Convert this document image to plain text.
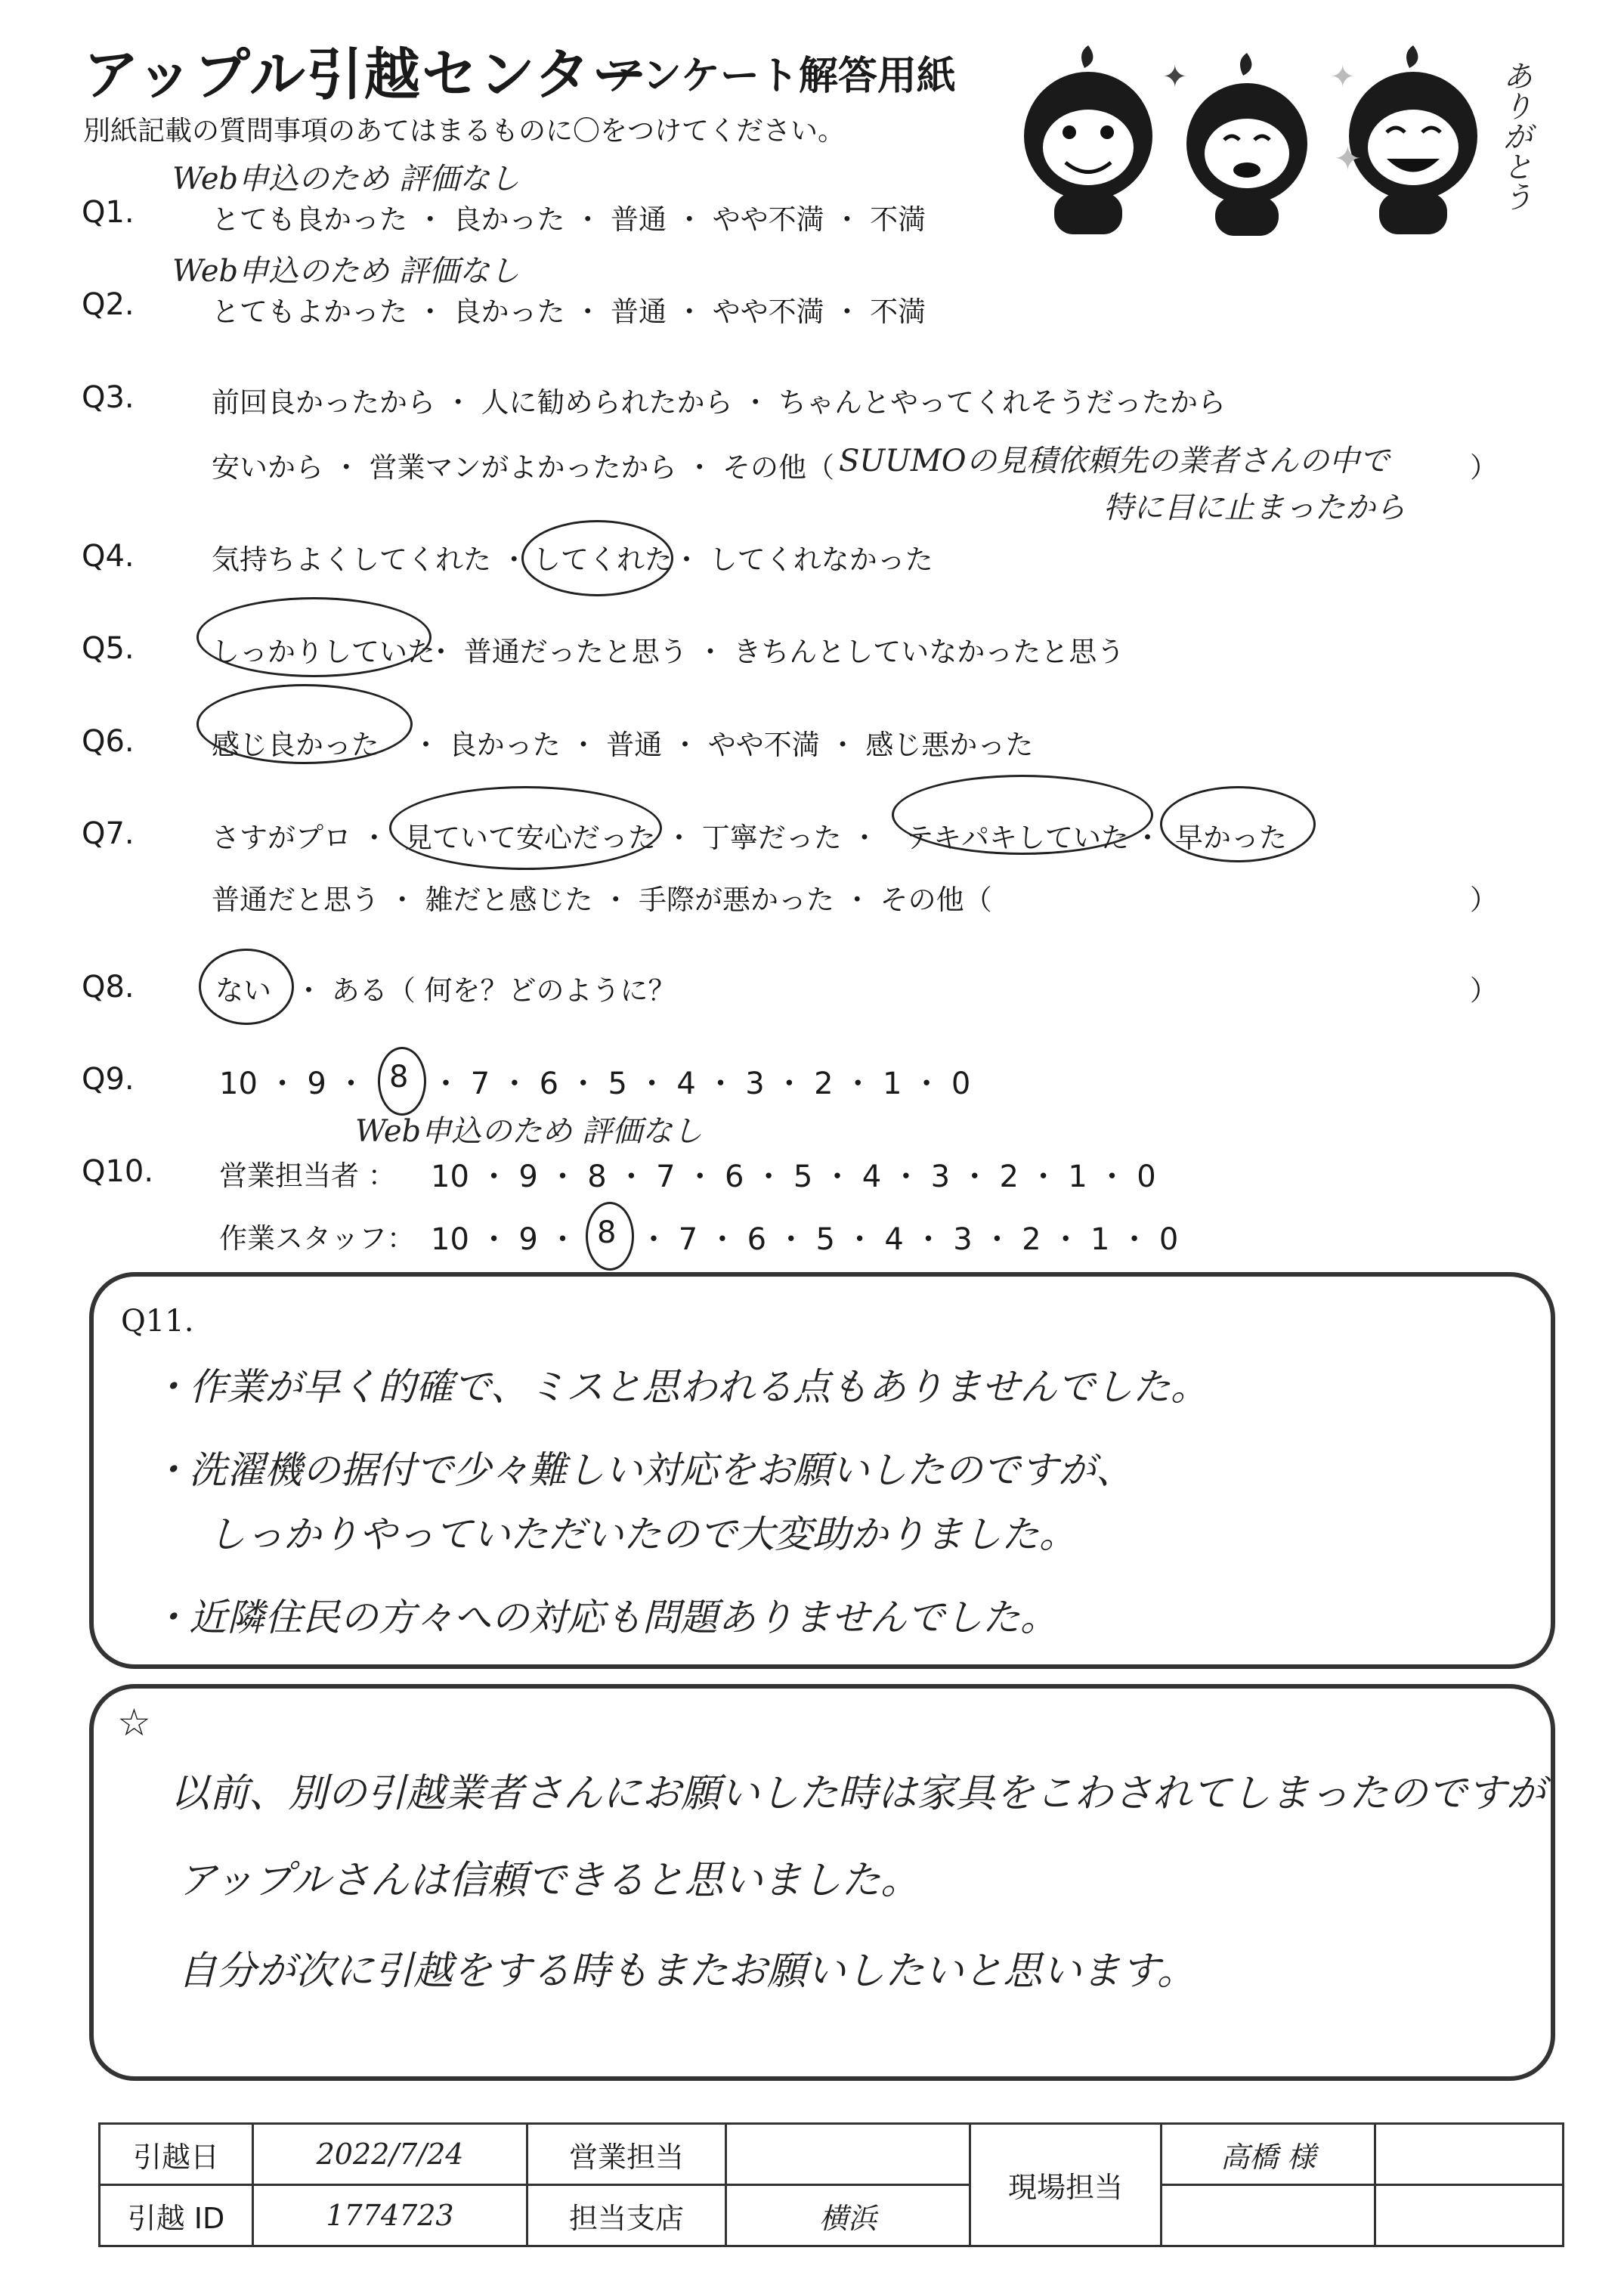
アップル引越センター
アンケート解答用紙
別紙記載の質問事項のあてはまるものに〇をつけてください。
✦	✦
✦	ありがとう
Q1.
Web申込のため 評価なし
とても良かった ・ 良かった ・ 普通 ・ やや不満 ・ 不満
Q2.
Web申込のため 評価なし
とてもよかった ・ 良かった ・ 普通 ・ やや不満 ・ 不満
Q3.	前回良かったから ・ 人に勧められたから ・ ちゃんとやってくれそうだったから
安いから ・ 営業マンがよかったから ・ その他（ SUUMOの見積依頼先の業者さんの中で
特に目に止まったから
）
Q4.	気持ちよくしてくれた ・ してくれた ・ してくれなかった
Q5.	しっかりしていた
・ 普通だったと思う ・ きちんとしていなかったと思う
Q6.	感じ良かった ・ 良かった ・ 普通 ・ やや不満 ・ 感じ悪かった
Q7.	さすがプロ ・ 見ていて安心だった ・ 丁寧だった ・ テキパキしていた ・ 早かった
普通だと思う ・ 雑だと感じた ・ 手際が悪かった ・ その他（	）
Q8.	ない ・ ある（ 何を？どのように？	）
Q9.	10 ・ 9 ・ 8 ・ 7 ・ 6 ・ 5 ・ 4 ・ 3 ・ 2 ・ 1 ・ 0
Q10.
Web申込のため 評価なし
営業担当者 ： 10 ・ 9 ・ 8 ・ 7 ・ 6 ・ 5 ・ 4 ・ 3 ・ 2 ・ 1 ・ 0
作業スタッフ： 10 ・ 9 ・ 8 ・ 7 ・ 6 ・ 5 ・ 4 ・ 3 ・ 2 ・ 1 ・ 0
Q11.
・作業が早く的確で、ミスと思われる点もありませんでした。
・洗濯機の据付で少々難しい対応をお願いしたのですが、
しっかりやっていただいたので大変助かりました。
・近隣住民の方々への対応も問題ありませんでした。
☆
以前、別の引越業者さんにお願いした時は家具をこわされてしまったのですが
アップルさんは信頼できると思いました。
自分が次に引越をする時もまたお願いしたいと思います。
引越日	2022/7/24	営業担当		現場担当	高橋 様	
引越 ID	1774723	担当支店	横浜			
